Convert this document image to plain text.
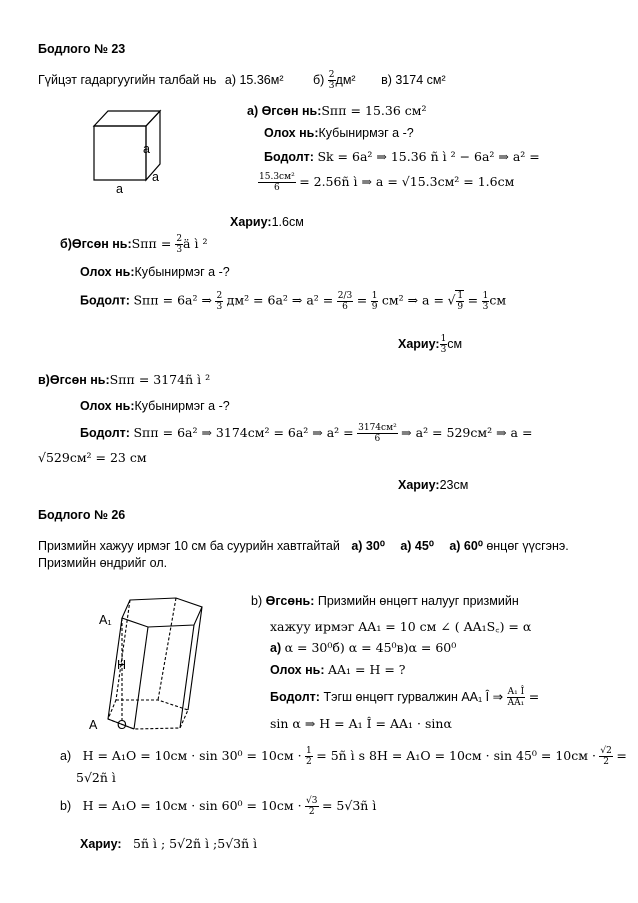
Бодлого № 23
Гүйцэт гадаргуугийн талбай нь а) 15.36м² $б) \frac{2}{3} дм^2$ в) 3174 см²
a
a
a
а) Өгсөн нь:Sпп = 15.36 см²
Олох нь:Кубынирмэг а -?
Бодолт: Sk = 6a² ⇒ 15.36 ñ ì ² − 6a² ⇒ a² =
$\frac{\text{15.3см²}}{6}$ = 2.56ñ ì ⇒ a = √15.3см² = 1.6см
Хариу:1.6см
б)Өгсөн нь:Sпп = $\frac{2}{3}$ ä ì ²
Олох нь:Кубынирмэг а -?
Бодолт: Sпп = 6a² ⇒ $\frac{2}{3} дм^2 = 6a^2$ ⇒ $a^2 = \frac{2/3}{6} = \frac{1}{9} см^2$ ⇒ a = √ $\frac{1}{9} = \frac{1}{3}$ см
Хариу: $\frac{1}{3}$ см
в)Өгсөн нь:Sпп = 3174ñ ì ²
Олох нь:Кубынирмэг а -?
Бодолт: Sпп = 6a² ⇒ 3174см² = 6a² ⇒ $a^2 = \frac{\text{3174см²}}{6}$ ⇒ a² = 529см² ⇒ a =
√529см² = 23 см
Хариу:23см
Бодлого № 26
Призмийн хажуу ирмэг 10 см ба суурийн хавтгайтай а) 30⁰ а) 45⁰ а) 60⁰ өнцөг үүсгэнэ.
Призмийн өндрийг ол.
A₁
H
A O
b) Өгсөнь: Призмийн өнцөгт налууг призмийн
хажуу ирмэг AA₁ = 10 см ∠ ( AA₁S꜀) = α
а) α = 30⁰б) α = 45⁰в)α = 60⁰
Олох нь: AA₁ = H = ?
Бодолт: Тэгш өнцөгт гурвалжин AA₁ Î ⇒ $\frac{\text{A₁ Î}}{\text{AA₁}}$ =
sin α ⇒ H = A₁ Î = AA₁ · sinα
a) $H = A_1O = 10см \cdot \sin 30^0 = 10см \cdot \frac{1}{2}$ = 5ñ ì s $8H = A_1O = 10см \cdot \sin 45^0 = 10см \cdot \frac{√2}{2}$ =
5√2ñ ì
b) $H = A_1O = 10см \cdot \sin 60^0 = 10см \cdot \frac{√3}{2}$ = 5√3ñ ì
Хариу: 5ñ ì ; 5√2ñ ì ;5√3ñ ì
